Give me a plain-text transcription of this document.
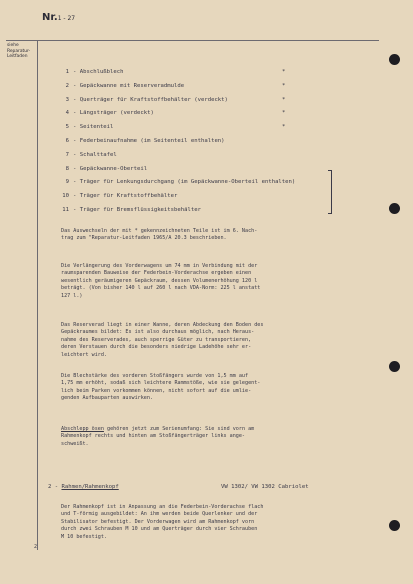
Nr.1 - 27
siehe
Reparatur-
Leitfaden
1 - Abschlußblech	*
2 - Gepäckwanne mit Reserveradmulde	*
3 - Querträger für Kraftstoffbehälter (verdeckt)	*
4 - Längsträger (verdeckt)	*
5 - Seitenteil	*
6 - Federbeinaufnahme (im Seitenteil enthalten)
7 - Schalttafel
8 - Gepäckwanne-Oberteil
9 - Träger für Lenkungsdurchgang (im Gepäckwanne-Oberteil enthalten)
10 - Träger für Kraftstoffbehälter
11 - Träger für Bremsflüssigkeitsbehälter

Das Auswechseln der mit * gekennzeichneten Teile ist im 6. Nach-
trag zum "Reparatur-Leitfaden 1965/A 20.3 beschrieben.

Die Verlängerung des Vorderwagens um 74 mm in Verbindung mit der
raumsparenden Bauweise der Federbein-Vorderachse ergeben einen
wesentlich geräumigeren Gepäckraum, dessen Volumenerhöhung 120 l
beträgt. (Von bisher 140 l auf 260 l nach VDA-Norm: 225 l anstatt
127 l.)

Das Reserverad liegt in einer Wanne, deren Abdeckung den Boden des
Gepäckraumes bildet: Es ist also durchaus möglich, nach Heraus-
nahme des Reserverades, auch sperrige Güter zu transportieren,
deren Verstauen durch die besonders niedrige Ladehöhe sehr er-
leichtert wird.

Die Blechstärke des vorderen Stoßfängers wurde von 1,5 mm auf
1,75 mm erhöht, sodaß sich leichtere Rammstöße, wie sie gelegent-
lich beim Parken vorkommen können, nicht sofort auf die umlie-
genden Aufbauparten auswirken.

Abschlepp ösen gehören jetzt zum Serienumfang: Sie sind vorn am
Rahmenkopf rechts und hinten am Stoßfängerträger links ange-
schweißt.

2 - Rahmen/Rahmenkopf	VW 1302/ VW 1302 Cabriolet

Der Rahmenkopf ist in Anpassung an die Federbein-Vorderachse flach
und T-förmig ausgebildet: An ihm werden beide Querlenker und der
Stabilisator befestigt. Der Vorderwagen wird am Rahmenkopf vorn
durch zwei Schrauben M 10 und am Querträger durch vier Schrauben
M 10 befestigt.

2
